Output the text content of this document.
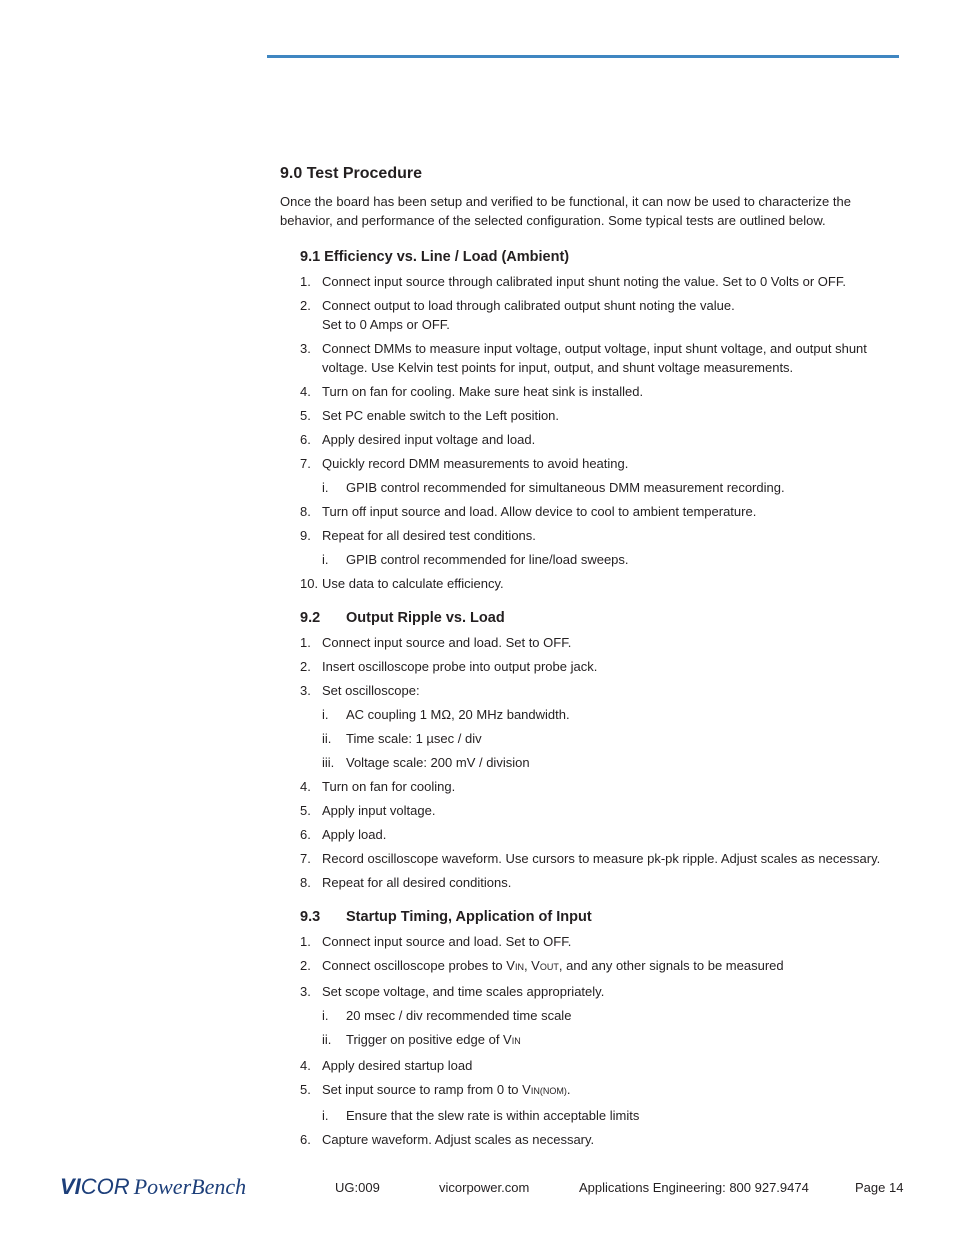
9.0 Test Procedure

Once the board has been setup and verified to be functional, it can now be used to characterize the behavior, and performance of the selected configuration. Some typical tests are outlined below.

9.1 Efficiency vs. Line / Load (Ambient)
1. Connect input source through calibrated input shunt noting the value. Set to 0 Volts or OFF.
2. Connect output to load through calibrated output shunt noting the value.
Set to 0 Amps or OFF.
3. Connect DMMs to measure input voltage, output voltage, input shunt voltage, and output shunt voltage. Use Kelvin test points for input, output, and shunt voltage measurements.
4. Turn on fan for cooling. Make sure heat sink is installed.
5. Set PC enable switch to the Left position.
6. Apply desired input voltage and load.
7. Quickly record DMM measurements to avoid heating.
i. GPIB control recommended for simultaneous DMM measurement recording.
8. Turn off input source and load. Allow device to cool to ambient temperature.
9. Repeat for all desired test conditions.
i. GPIB control recommended for line/load sweeps.
10. Use data to calculate efficiency.
9.2 Output Ripple vs. Load
1. Connect input source and load. Set to OFF.
2. Insert oscilloscope probe into output probe jack.
3. Set oscilloscope:
i. AC coupling 1 MΩ, 20 MHz bandwidth.
ii. Time scale: 1 µsec / div
iii. Voltage scale: 200 mV / division
4. Turn on fan for cooling.
5. Apply input voltage.
6. Apply load.
7. Record oscilloscope waveform. Use cursors to measure pk-pk ripple. Adjust scales as necessary.
8. Repeat for all desired conditions.
9.3 Startup Timing, Application of Input
1. Connect input source and load. Set to OFF.
2. Connect oscilloscope probes to VIN, VOUT, and any other signals to be measured
3. Set scope voltage, and time scales appropriately.
i. 20 msec / div recommended time scale
ii. Trigger on positive edge of VIN
4. Apply desired startup load
5. Set input source to ramp from 0 to VIN(NOM).
i. Ensure that the slew rate is within acceptable limits
6. Capture waveform. Adjust scales as necessary.
VICOR PowerBench	UG:009	vicorpower.com	Applications Engineering: 800 927.9474	Page 14
